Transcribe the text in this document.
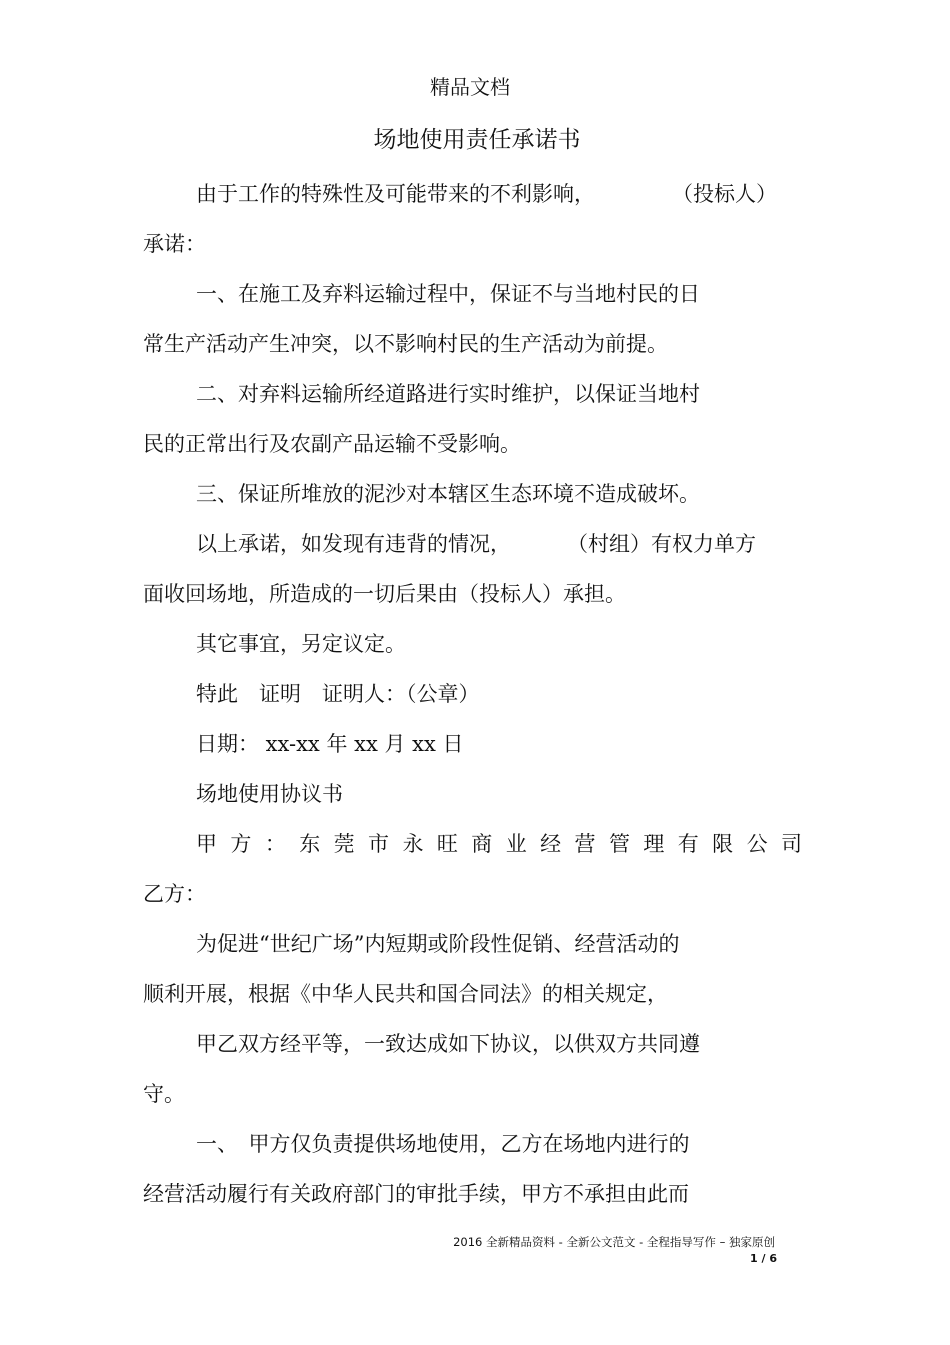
精品文档
场地使用责任承诺书
由于工作的特殊性及可能带来的不利影响，	（投标人）
承诺：
一、在施工及弃料运输过程中，保证不与当地村民的日
常生产活动产生冲突，以不影响村民的生产活动为前提。
二、对弃料运输所经道路进行实时维护，以保证当地村
民的正常出行及农副产品运输不受影响。
三、保证所堆放的泥沙对本辖区生态环境不造成破坏。
以上承诺，如发现有违背的情况，	（村组）有权力单方
面收回场地，所造成的一切后果由（投标人）承担。
其它事宜，另定议定。
特此　证明　证明人：（公章）
日期： xx-xx 年 xx 月 xx 日
场地使用协议书
甲方：东莞市永旺商业经营管理有限公司
乙方：
为促进“世纪广场”内短期或阶段性促销、经营活动的
顺利开展，根据《中华人民共和国合同法》的相关规定，
甲乙双方经平等，一致达成如下协议，以供双方共同遵
守。
一、　甲方仅负责提供场地使用，乙方在场地内进行的
经营活动履行有关政府部门的审批手续，甲方不承担由此而
2016 全新精品资料 - 全新公文范文 - 全程指导写作 – 独家原创
1 / 6
